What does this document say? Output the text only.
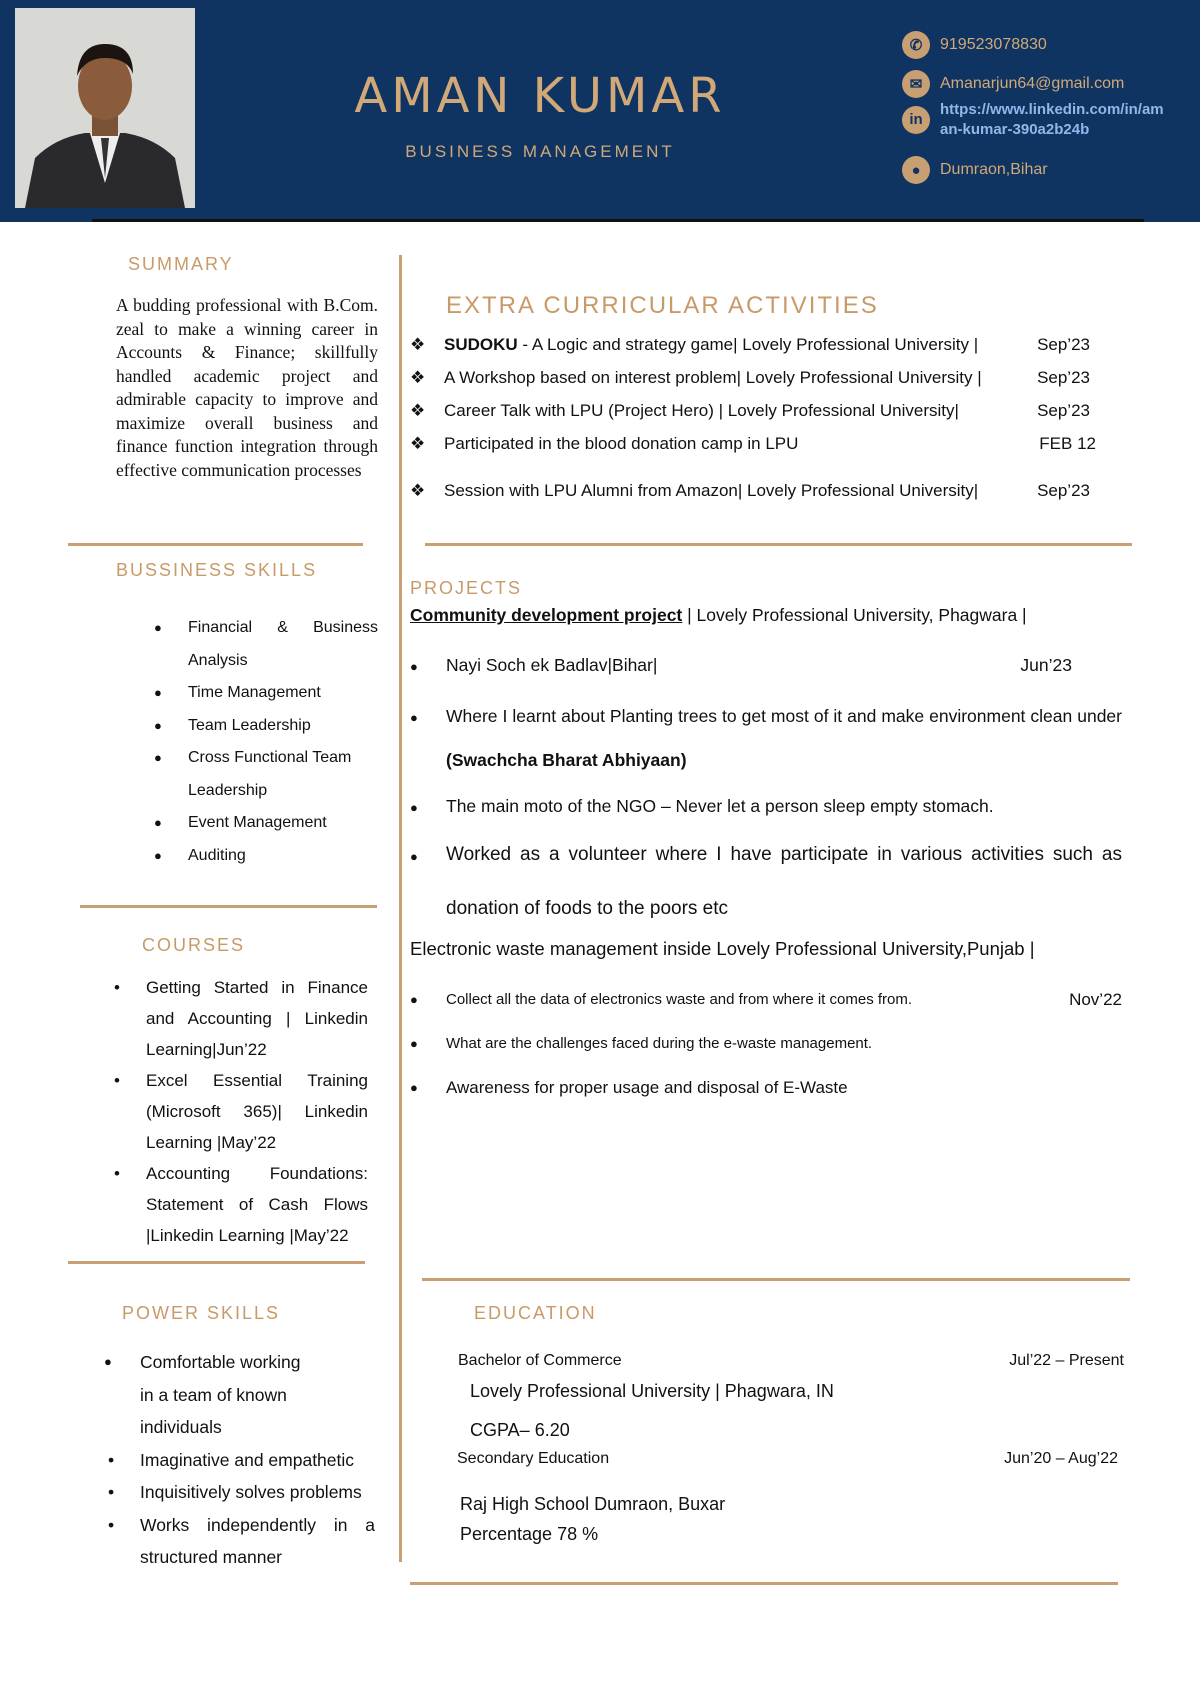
AMAN KUMAR
BUSINESS MANAGEMENT
✆	919523078830
✉	Amanarjun64@gmail.com
in
https://www.linkedin.com/in/aman-kumar-390a2b24b
●	Dumraon,Bihar
SUMMARY
A budding professional with B.Com. zeal to make a winning career in Accounts & Finance; skillfully handled academic project and admirable capacity to improve and maximize overall business and finance function integration through effective communication processes
BUSSINESS SKILLS
● Financial & Business Analysis
● Time Management
● Team Leadership
● Cross Functional Team Leadership
● Event Management
● Auditing
COURSES
• Getting Started in Finance and Accounting | Linkedin Learning|Jun’22
• Excel Essential Training (Microsoft 365)| Linkedin Learning |May’22
• Accounting Foundations: Statement of Cash Flows |Linkedin Learning |May’22
POWER SKILLS
● Comfortable working in a team of known individuals
• Imaginative and empathetic
• Inquisitively solves problems
• Works independently in a structured manner
EXTRA CURRICULAR ACTIVITIES
❖ SUDOKU - A Logic and strategy game| Lovely Professional University |	Sep’23
❖ A Workshop based on interest problem| Lovely Professional University |	Sep’23
❖ Career Talk with LPU (Project Hero) | Lovely Professional University|	Sep’23
❖ Participated in the blood donation camp in LPU	FEB 12
❖ Session with LPU Alumni from Amazon| Lovely Professional University|	Sep’23
PROJECTS
Community development project | Lovely Professional University, Phagwara |
● Nayi Soch ek Badlav|Bihar|	Jun’23
● Where I learnt about Planting trees to get most of it and make environment clean under (Swachcha Bharat Abhiyaan)
● The main moto of the NGO – Never let a person sleep empty stomach.
● Worked as a volunteer where I have participate in various activities such as donation of foods to the poors etc
Electronic waste management inside Lovely Professional University,Punjab |
● Collect all the data of electronics waste and from where it comes from.	Nov’22
● What are the challenges faced during the e-waste management.
● Awareness for proper usage and disposal of E-Waste
EDUCATION
Bachelor of Commerce	Jul’22 – Present
Lovely Professional University | Phagwara, IN
CGPA– 6.20
Secondary Education	Jun’20 – Aug’22
Raj High School Dumraon, Buxar
Percentage 78 %
